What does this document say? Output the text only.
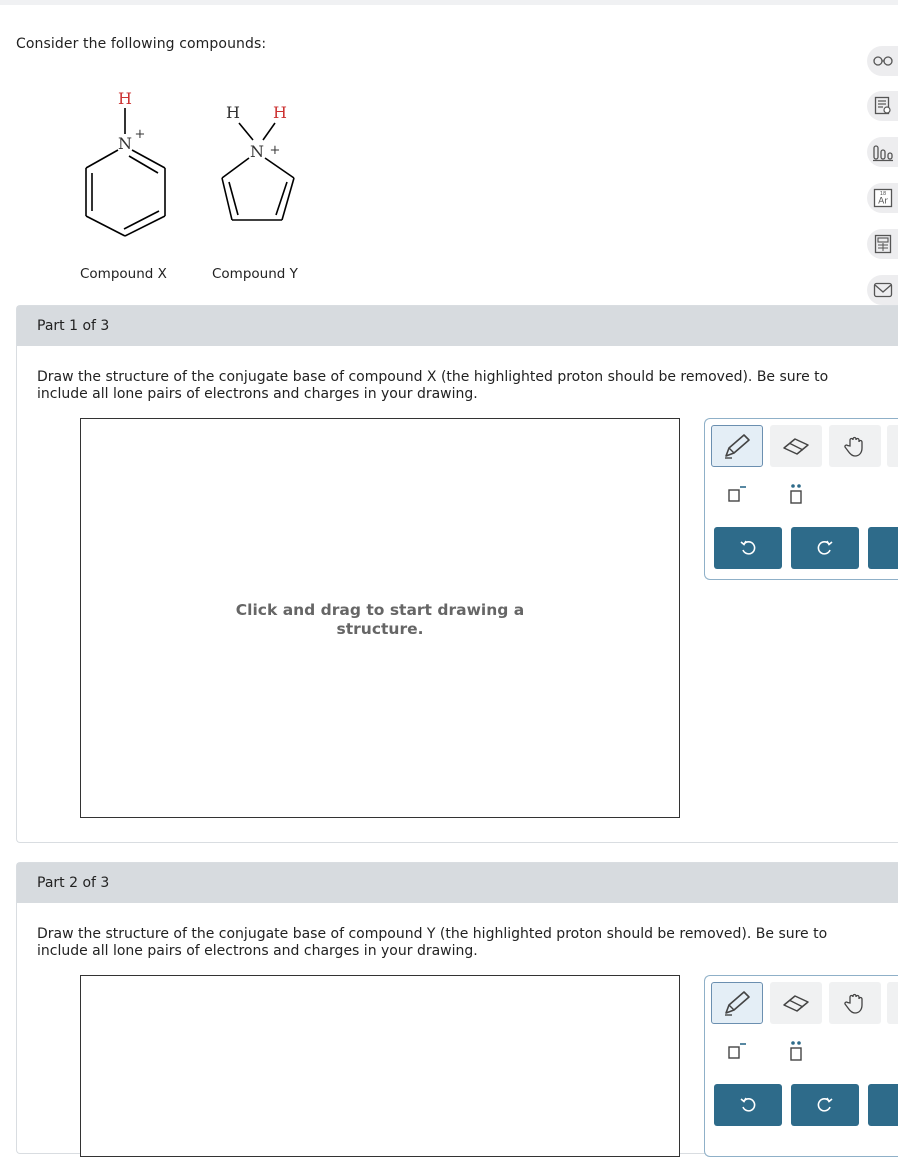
Consider the following compounds:
H
N +
Compound X
H H
N +
Compound Y
18
Ar
Part 1 of 3
Draw the structure of the conjugate base of compound X (the highlighted proton should be removed). Be sure to include all lone pairs of electrons and charges in your drawing.
Click and drag to start drawing a structure.
Part 2 of 3
Draw the structure of the conjugate base of compound Y (the highlighted proton should be removed). Be sure to include all lone pairs of electrons and charges in your drawing.
